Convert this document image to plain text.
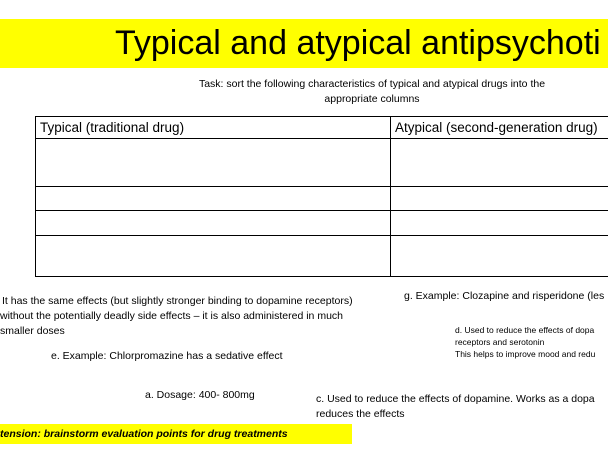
Typical and atypical antipsychoti
Task: sort the following characteristics of typical and atypical drugs into the
appropriate columns
Typical (traditional drug)	Atypical (second-generation drug)

It has the same effects (but slightly stronger binding to dopamine receptors)
without the potentially deadly side effects – it is also administered in much
smaller doses
g. Example: Clozapine and risperidone (les
d. Used to reduce the effects of dopa
receptors and serotonin
This helps to improve mood and redu
e. Example: Chlorpromazine has a sedative effect
a. Dosage: 400- 800mg	c. Used to reduce the effects of dopamine. Works as a dopa
reduces the effects
tension: brainstorm evaluation points for drug treatments
